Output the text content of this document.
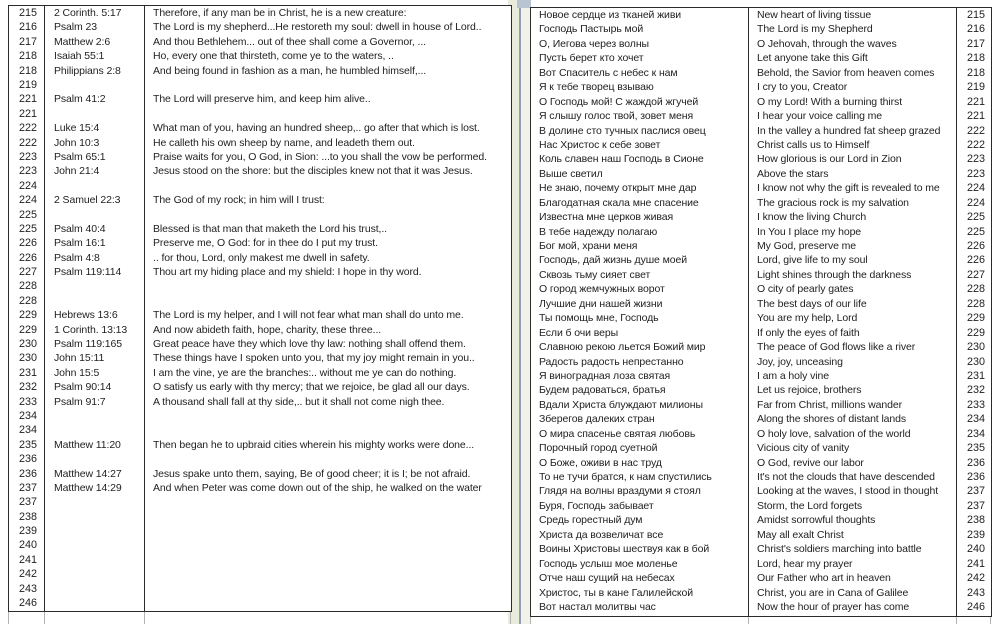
215	2 Corinth. 5:17	Therefore, if any man be in Christ, he is a new creature:
216	Psalm 23	The Lord is my shepherd...He restoreth my soul: dwell in house of Lord..
217	Matthew 2:6	And thou Bethlehem... out of thee shall come a Governor, ...
218	Isaiah 55:1	Ho, every one that thirsteth, come ye to the waters, ..
218	Philippians 2:8	And being found in fashion as a man, he humbled himself,...
219		
221	Psalm 41:2	The Lord will preserve him, and keep him alive..
221		
222	Luke 15:4	What man of you, having an hundred sheep,.. go after that which is lost.
222	John 10:3	He calleth his own sheep by name, and leadeth them out.
223	Psalm 65:1	Praise waits for you, O God, in Sion: ...to you shall the vow be performed.
223	John 21:4	Jesus stood on the shore: but the disciples knew not that it was Jesus.
224		
224	2 Samuel 22:3	The God of my rock; in him will I trust:
225		
225	Psalm 40:4	Blessed is that man that maketh the Lord his trust,..
226	Psalm 16:1	Preserve me, O God: for in thee do I put my trust.
226	Psalm 4:8	.. for thou, Lord, only makest me dwell in safety.
227	Psalm 119:114	Thou art my hiding place and my shield: I hope in thy word.
228		
228		
229	Hebrews 13:6	The Lord is my helper, and I will not fear what man shall do unto me.
229	1 Corinth. 13:13	And now abideth faith, hope, charity, these three...
230	Psalm 119:165	Great peace have they which love thy law: nothing shall offend them.
230	John 15:11	These things have I spoken unto you, that my joy might remain in you..
231	John 15:5	I am the vine, ye are the branches:.. without me ye can do nothing.
232	Psalm 90:14	O satisfy us early with thy mercy; that we rejoice, be glad all our days.
233	Psalm 91:7	A thousand shall fall at thy side,.. but it shall not come nigh thee.
234		
234		
235	Matthew 11:20	Then began he to upbraid cities wherein his mighty works were done...
236		
236	Matthew 14:27	Jesus spake unto them, saying, Be of good cheer; it is I; be not afraid.
237	Matthew 14:29	And when Peter was come down out of the ship, he walked on the water
237		
238		
239		
240		
241		
242		
243		
246		
Новое сердце из тканей живи	New heart of living tissue	215
Господь Пастырь мой	The Lord is my Shepherd	216
О, Иегова через волны	O Jehovah, through the waves	217
Пусть берет кто хочет	Let anyone take this Gift	218
Вот Спаситель с небес к нам	Behold, the Savior from heaven comes	218
Я к тебе творец взываю	I cry to you, Creator	219
О Господь мой! С жаждой жгучей	O my Lord! With a burning thirst	221
Я слышу голос твой, зовет меня	I hear your voice calling me	221
В долине сто тучных паслися овец	In the valley a hundred fat sheep grazed	222
Нас Христос к себе зовет	Christ calls us to Himself	222
Коль славен наш Господь в Сионе	How glorious is our Lord in Zion	223
Выше светил	Above the stars	223
Не знаю, почему открыт мне дар	I know not why the gift is revealed to me	224
Благодатная скала мне спасение	The gracious rock is my salvation	224
Известна мне церков живая	I know the living Church	225
В тебе надежду полагаю	In You I place my hope	225
Бог мой, храни меня	My God, preserve me	226
Господь, дай жизнь душе моей	Lord, give life to my soul	226
Сквозь тьму сияет свет	Light shines through the darkness	227
О город жемчужных ворот	O city of pearly gates	228
Лучшие дни нашей жизни	The best days of our life	228
Ты помощь мне, Господь	You are my help, Lord	229
Если б очи веры	If only the eyes of faith	229
Славною рекою льется Божий мир	The peace of God flows like a river	230
Радость радость непрестанно	Joy, joy, unceasing	230
Я виноградная лоза святая	I am a holy vine	231
Будем радоваться, братья	Let us rejoice, brothers	232
Вдали Христа блуждают милионы	Far from Christ, millions wander	233
Зберегов далеких стран	Along the shores of distant lands	234
О мира спасенье святая любовь	O holy love, salvation of the world	234
Порочный город суетной	Vicious city of vanity	235
О Боже, оживи в нас труд	O God, revive our labor	236
То не тучи братся, к нам спустились	It's not the clouds that have descended	236
Глядя на волны враздуми я стоял	Looking at the waves, I stood in thought	237
Буря, Господь забывает	Storm, the Lord forgets	237
Средь горестный дум	Amidst sorrowful thoughts	238
Христа да возвеличат все	May all exalt Christ	239
Воины Христовы шествуя как в бой	Christ's soldiers marching into battle	240
Господь услыш мое моленье	Lord, hear my prayer	241
Отче наш сущий на небесах	Our Father who art in heaven	242
Христос, ты в кане Галилейской	Christ, you are in Cana of Galilee	243
Вот настал молитвы час	Now the hour of prayer has come	246
